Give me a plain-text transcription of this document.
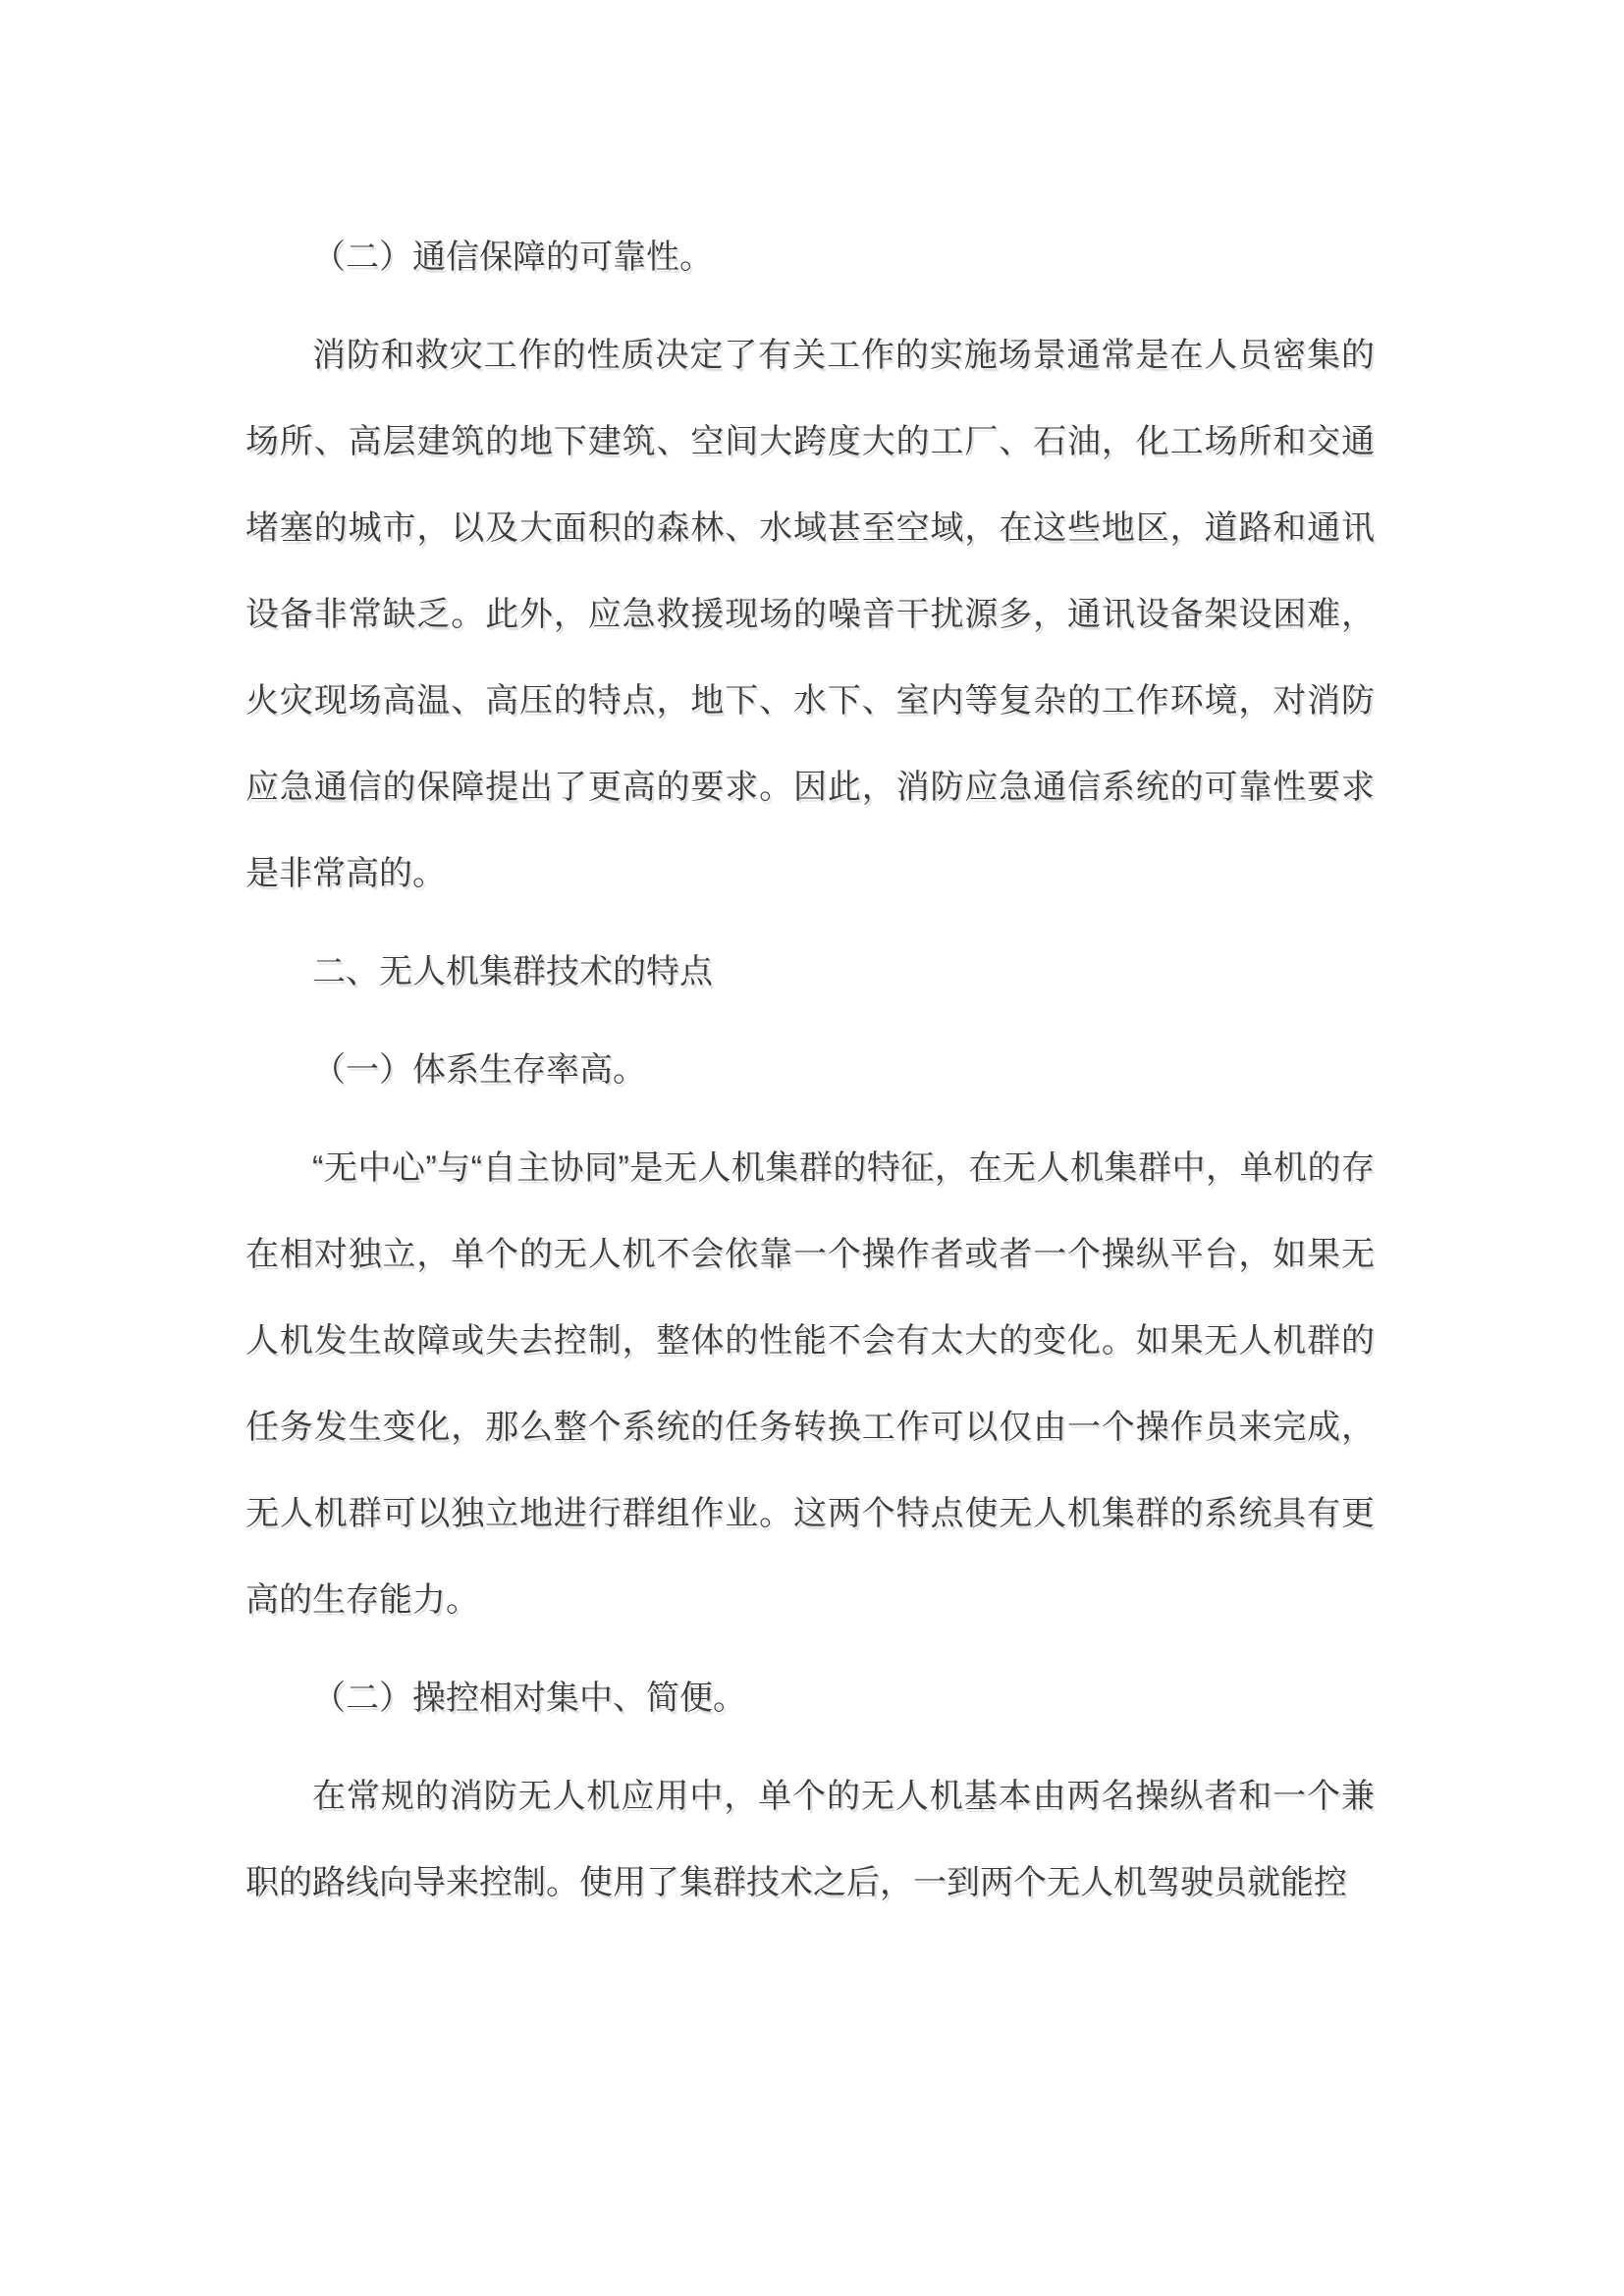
（二）通信保障的可靠性。

消防和救灾工作的性质决定了有关工作的实施场景通常是在人员密集的场所、高层建筑的地下建筑、空间大跨度大的工厂、石油，化工场所和交通堵塞的城市，以及大面积的森林、水域甚至空域，在这些地区，道路和通讯设备非常缺乏。此外，应急救援现场的噪音干扰源多，通讯设备架设困难，火灾现场高温、高压的特点，地下、水下、室内等复杂的工作环境，对消防应急通信的保障提出了更高的要求。因此，消防应急通信系统的可靠性要求是非常高的。

二、无人机集群技术的特点

（一）体系生存率高。

“无中心”与“自主协同”是无人机集群的特征，在无人机集群中，单机的存在相对独立，单个的无人机不会依靠一个操作者或者一个操纵平台，如果无人机发生故障或失去控制，整体的性能不会有太大的变化。如果无人机群的任务发生变化，那么整个系统的任务转换工作可以仅由一个操作员来完成，无人机群可以独立地进行群组作业。这两个特点使无人机集群的系统具有更高的生存能力。

（二）操控相对集中、简便。

在常规的消防无人机应用中，单个的无人机基本由两名操纵者和一个兼职的路线向导来控制。使用了集群技术之后，一到两个无人机驾驶员就能控
